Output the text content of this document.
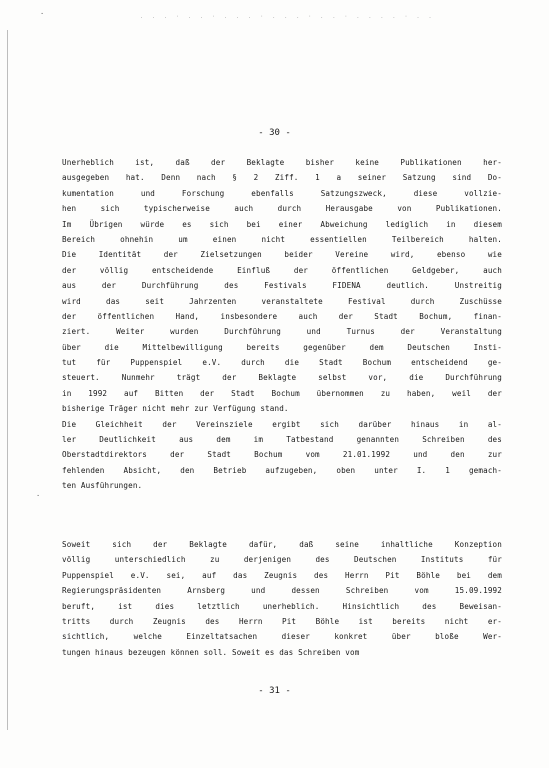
. . . · . . · . . . · . . . · . . · . . . . · . .
·
·
- 30 -
Unerheblich ist, daß der Beklagte bisher keine Publikationen her-
ausgegeben hat. Denn nach § 2 Ziff. 1 a seiner Satzung sind Do-
kumentation und Forschung ebenfalls Satzungszweck, diese vollzie-
hen sich typischerweise auch durch Herausgabe von Publikationen.
Im Übrigen würde es sich bei einer Abweichung lediglich in diesem
Bereich ohnehin um einen nicht essentiellen Teilbereich halten.
Die Identität der Zielsetzungen beider Vereine wird, ebenso wie
der völlig entscheidende Einfluß der öffentlichen Geldgeber, auch
aus der Durchführung des Festivals FIDENA deutlich. Unstreitig
wird das seit Jahrzenten veranstaltete Festival durch Zuschüsse
der öffentlichen Hand, insbesondere auch der Stadt Bochum, finan-
ziert. Weiter wurden Durchführung und Turnus der Veranstaltung
über die Mittelbewilligung bereits gegenüber dem Deutschen Insti-
tut für Puppenspiel e.V. durch die Stadt Bochum entscheidend ge-
steuert. Nunmehr trägt der Beklagte selbst vor, die Durchführung
in 1992 auf Bitten der Stadt Bochum übernommen zu haben, weil der
bisherige Träger nicht mehr zur Verfügung stand.
Die Gleichheit der Vereinsziele ergibt sich darüber hinaus in al-
ler Deutlichkeit aus dem im Tatbestand genannten Schreiben des
Oberstadtdirektors der Stadt Bochum vom 21.01.1992 und den zur
fehlenden Absicht, den Betrieb aufzugeben, oben unter I. 1 gemach-
ten Ausführungen.
Soweit sich der Beklagte dafür, daß seine inhaltliche Konzeption
völlig unterschiedlich zu derjenigen des Deutschen Instituts für
Puppenspiel e.V. sei, auf das Zeugnis des Herrn Pit Böhle bei dem
Regierungspräsidenten Arnsberg und dessen Schreiben vom 15.09.1992
beruft, ist dies letztlich unerheblich. Hinsichtlich des Beweisan-
tritts durch Zeugnis des Herrn Pit Böhle ist bereits nicht er-
sichtlich, welche Einzeltatsachen dieser konkret über bloße Wer-
tungen hinaus bezeugen können soll. Soweit es das Schreiben vom
- 31 -
